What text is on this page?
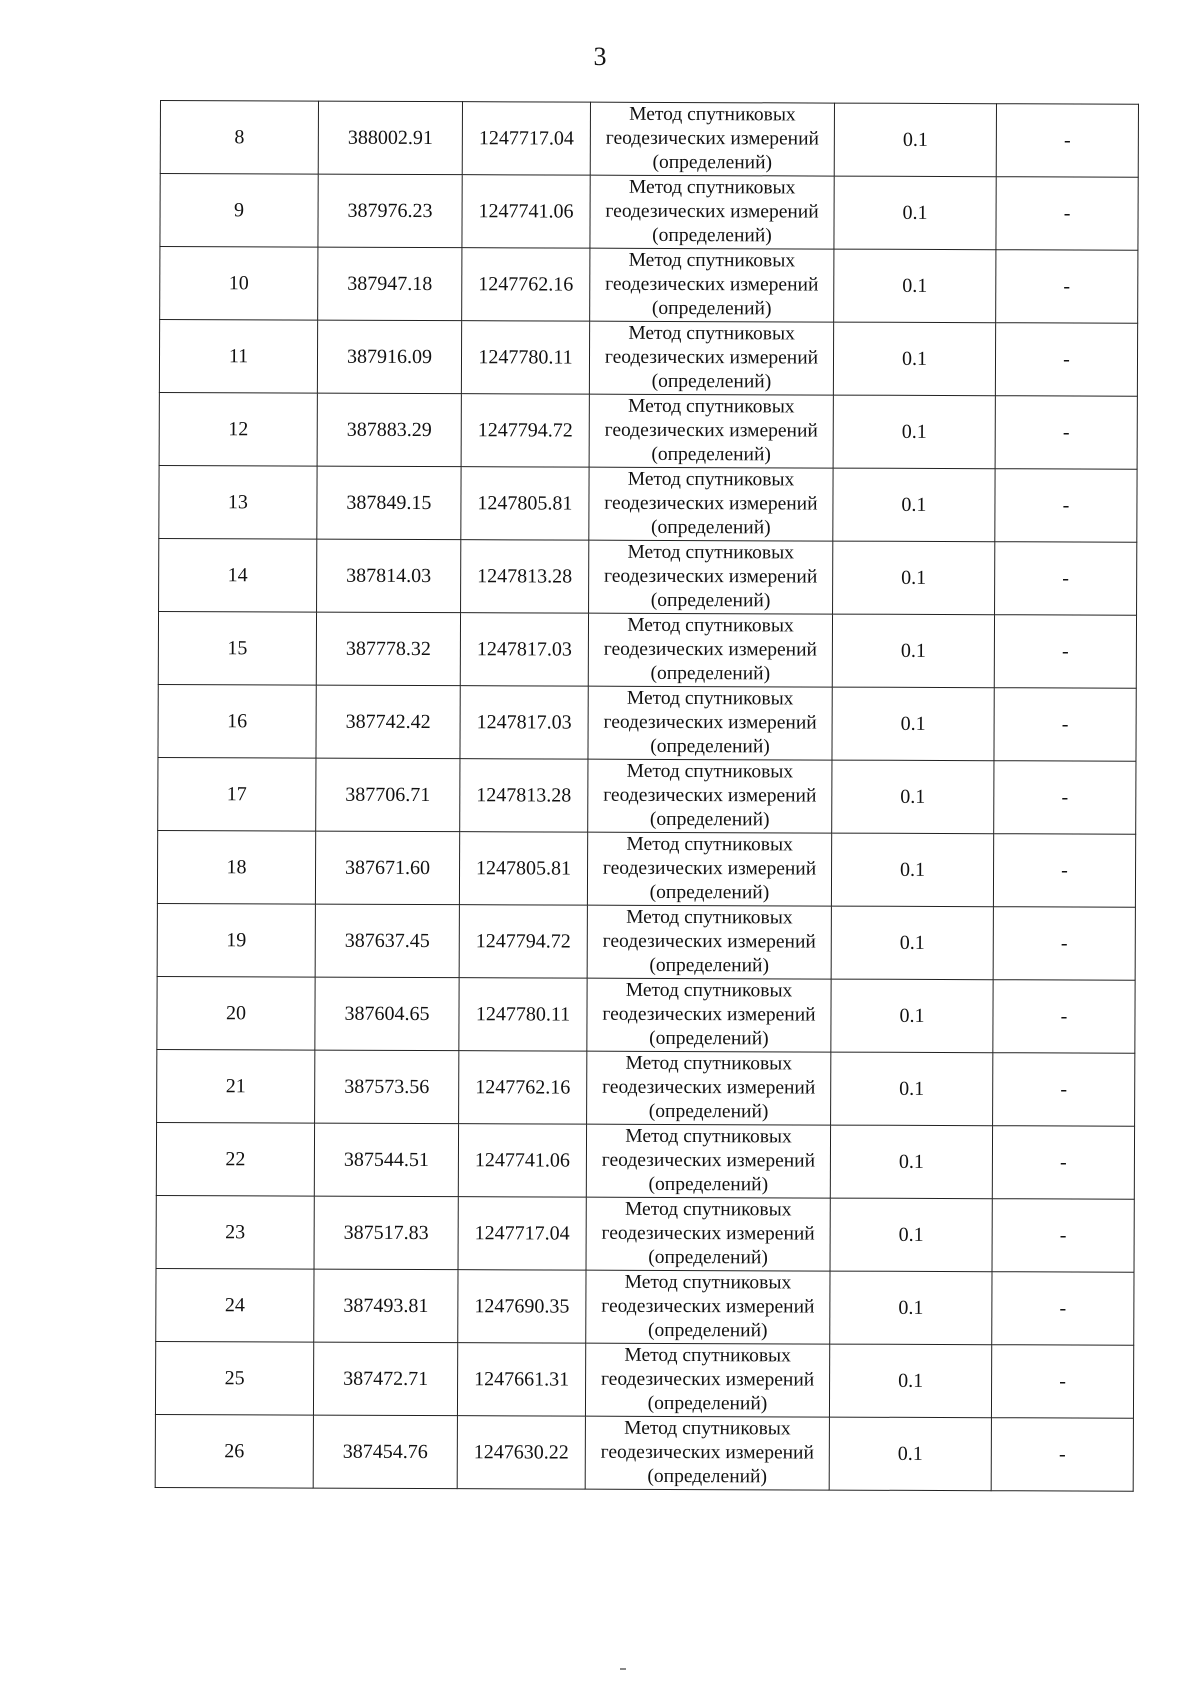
3
8	388002.91	1247717.04	Метод спутниковых
геодезических измерений
(определений)	0.1	-
9	387976.23	1247741.06	Метод спутниковых
геодезических измерений
(определений)	0.1	-
10	387947.18	1247762.16	Метод спутниковых
геодезических измерений
(определений)	0.1	-
11	387916.09	1247780.11	Метод спутниковых
геодезических измерений
(определений)	0.1	-
12	387883.29	1247794.72	Метод спутниковых
геодезических измерений
(определений)	0.1	-
13	387849.15	1247805.81	Метод спутниковых
геодезических измерений
(определений)	0.1	-
14	387814.03	1247813.28	Метод спутниковых
геодезических измерений
(определений)	0.1	-
15	387778.32	1247817.03	Метод спутниковых
геодезических измерений
(определений)	0.1	-
16	387742.42	1247817.03	Метод спутниковых
геодезических измерений
(определений)	0.1	-
17	387706.71	1247813.28	Метод спутниковых
геодезических измерений
(определений)	0.1	-
18	387671.60	1247805.81	Метод спутниковых
геодезических измерений
(определений)	0.1	-
19	387637.45	1247794.72	Метод спутниковых
геодезических измерений
(определений)	0.1	-
20	387604.65	1247780.11	Метод спутниковых
геодезических измерений
(определений)	0.1	-
21	387573.56	1247762.16	Метод спутниковых
геодезических измерений
(определений)	0.1	-
22	387544.51	1247741.06	Метод спутниковых
геодезических измерений
(определений)	0.1	-
23	387517.83	1247717.04	Метод спутниковых
геодезических измерений
(определений)	0.1	-
24	387493.81	1247690.35	Метод спутниковых
геодезических измерений
(определений)	0.1	-
25	387472.71	1247661.31	Метод спутниковых
геодезических измерений
(определений)	0.1	-
26	387454.76	1247630.22	Метод спутниковых
геодезических измерений
(определений)	0.1	-
